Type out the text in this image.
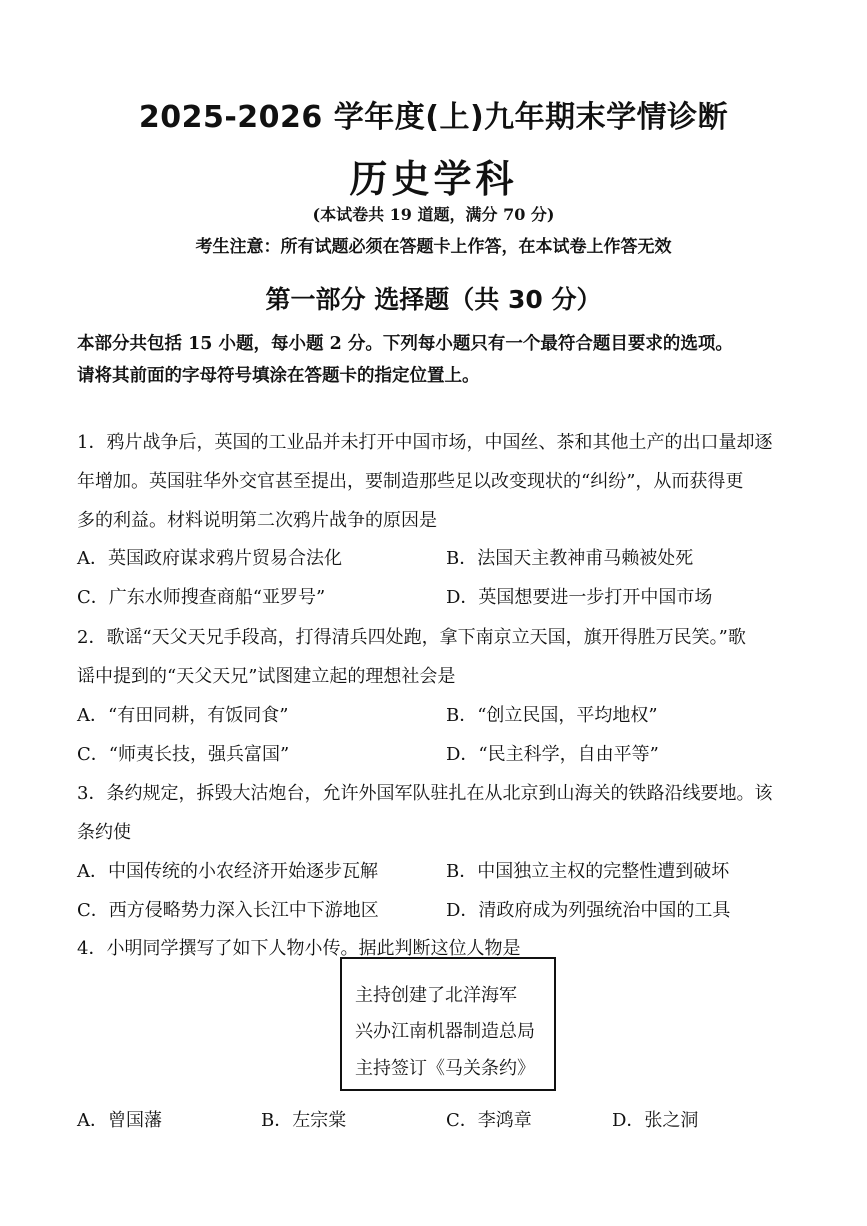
2025-2026 学年度(上)九年期末学情诊断
历史学科
(本试卷共 19 道题，满分 70 分)
考生注意：所有试题必须在答题卡上作答，在本试卷上作答无效
第一部分 选择题（共 30 分）
本部分共包括 15 小题，每小题 2 分。下列每小题只有一个最符合题目要求的选项。
请将其前面的字母符号填涂在答题卡的指定位置上。
1．鸦片战争后，英国的工业品并未打开中国市场，中国丝、茶和其他土产的出口量却逐
年增加。英国驻华外交官甚至提出，要制造那些足以改变现状的“纠纷”，从而获得更
多的利益。材料说明第二次鸦片战争的原因是
A．英国政府谋求鸦片贸易合法化	B．法国天主教神甫马赖被处死
C．广东水师搜查商船“亚罗号”	D．英国想要进一步打开中国市场
2．歌谣“天父天兄手段高，打得清兵四处跑，拿下南京立天国，旗开得胜万民笑。”歌
谣中提到的“天父天兄”试图建立起的理想社会是
A．“有田同耕，有饭同食”	B．“创立民国，平均地权”
C．“师夷长技，强兵富国”	D．“民主科学，自由平等”
3．条约规定，拆毁大沽炮台，允许外国军队驻扎在从北京到山海关的铁路沿线要地。该
条约使
A．中国传统的小农经济开始逐步瓦解	B．中国独立主权的完整性遭到破坏
C．西方侵略势力深入长江中下游地区	D．清政府成为列强统治中国的工具
4．小明同学撰写了如下人物小传。据此判断这位人物是
主持创建了北洋海军
兴办江南机器制造总局
主持签订《马关条约》
A．曾国藩	B．左宗棠	C．李鸿章	D．张之洞
